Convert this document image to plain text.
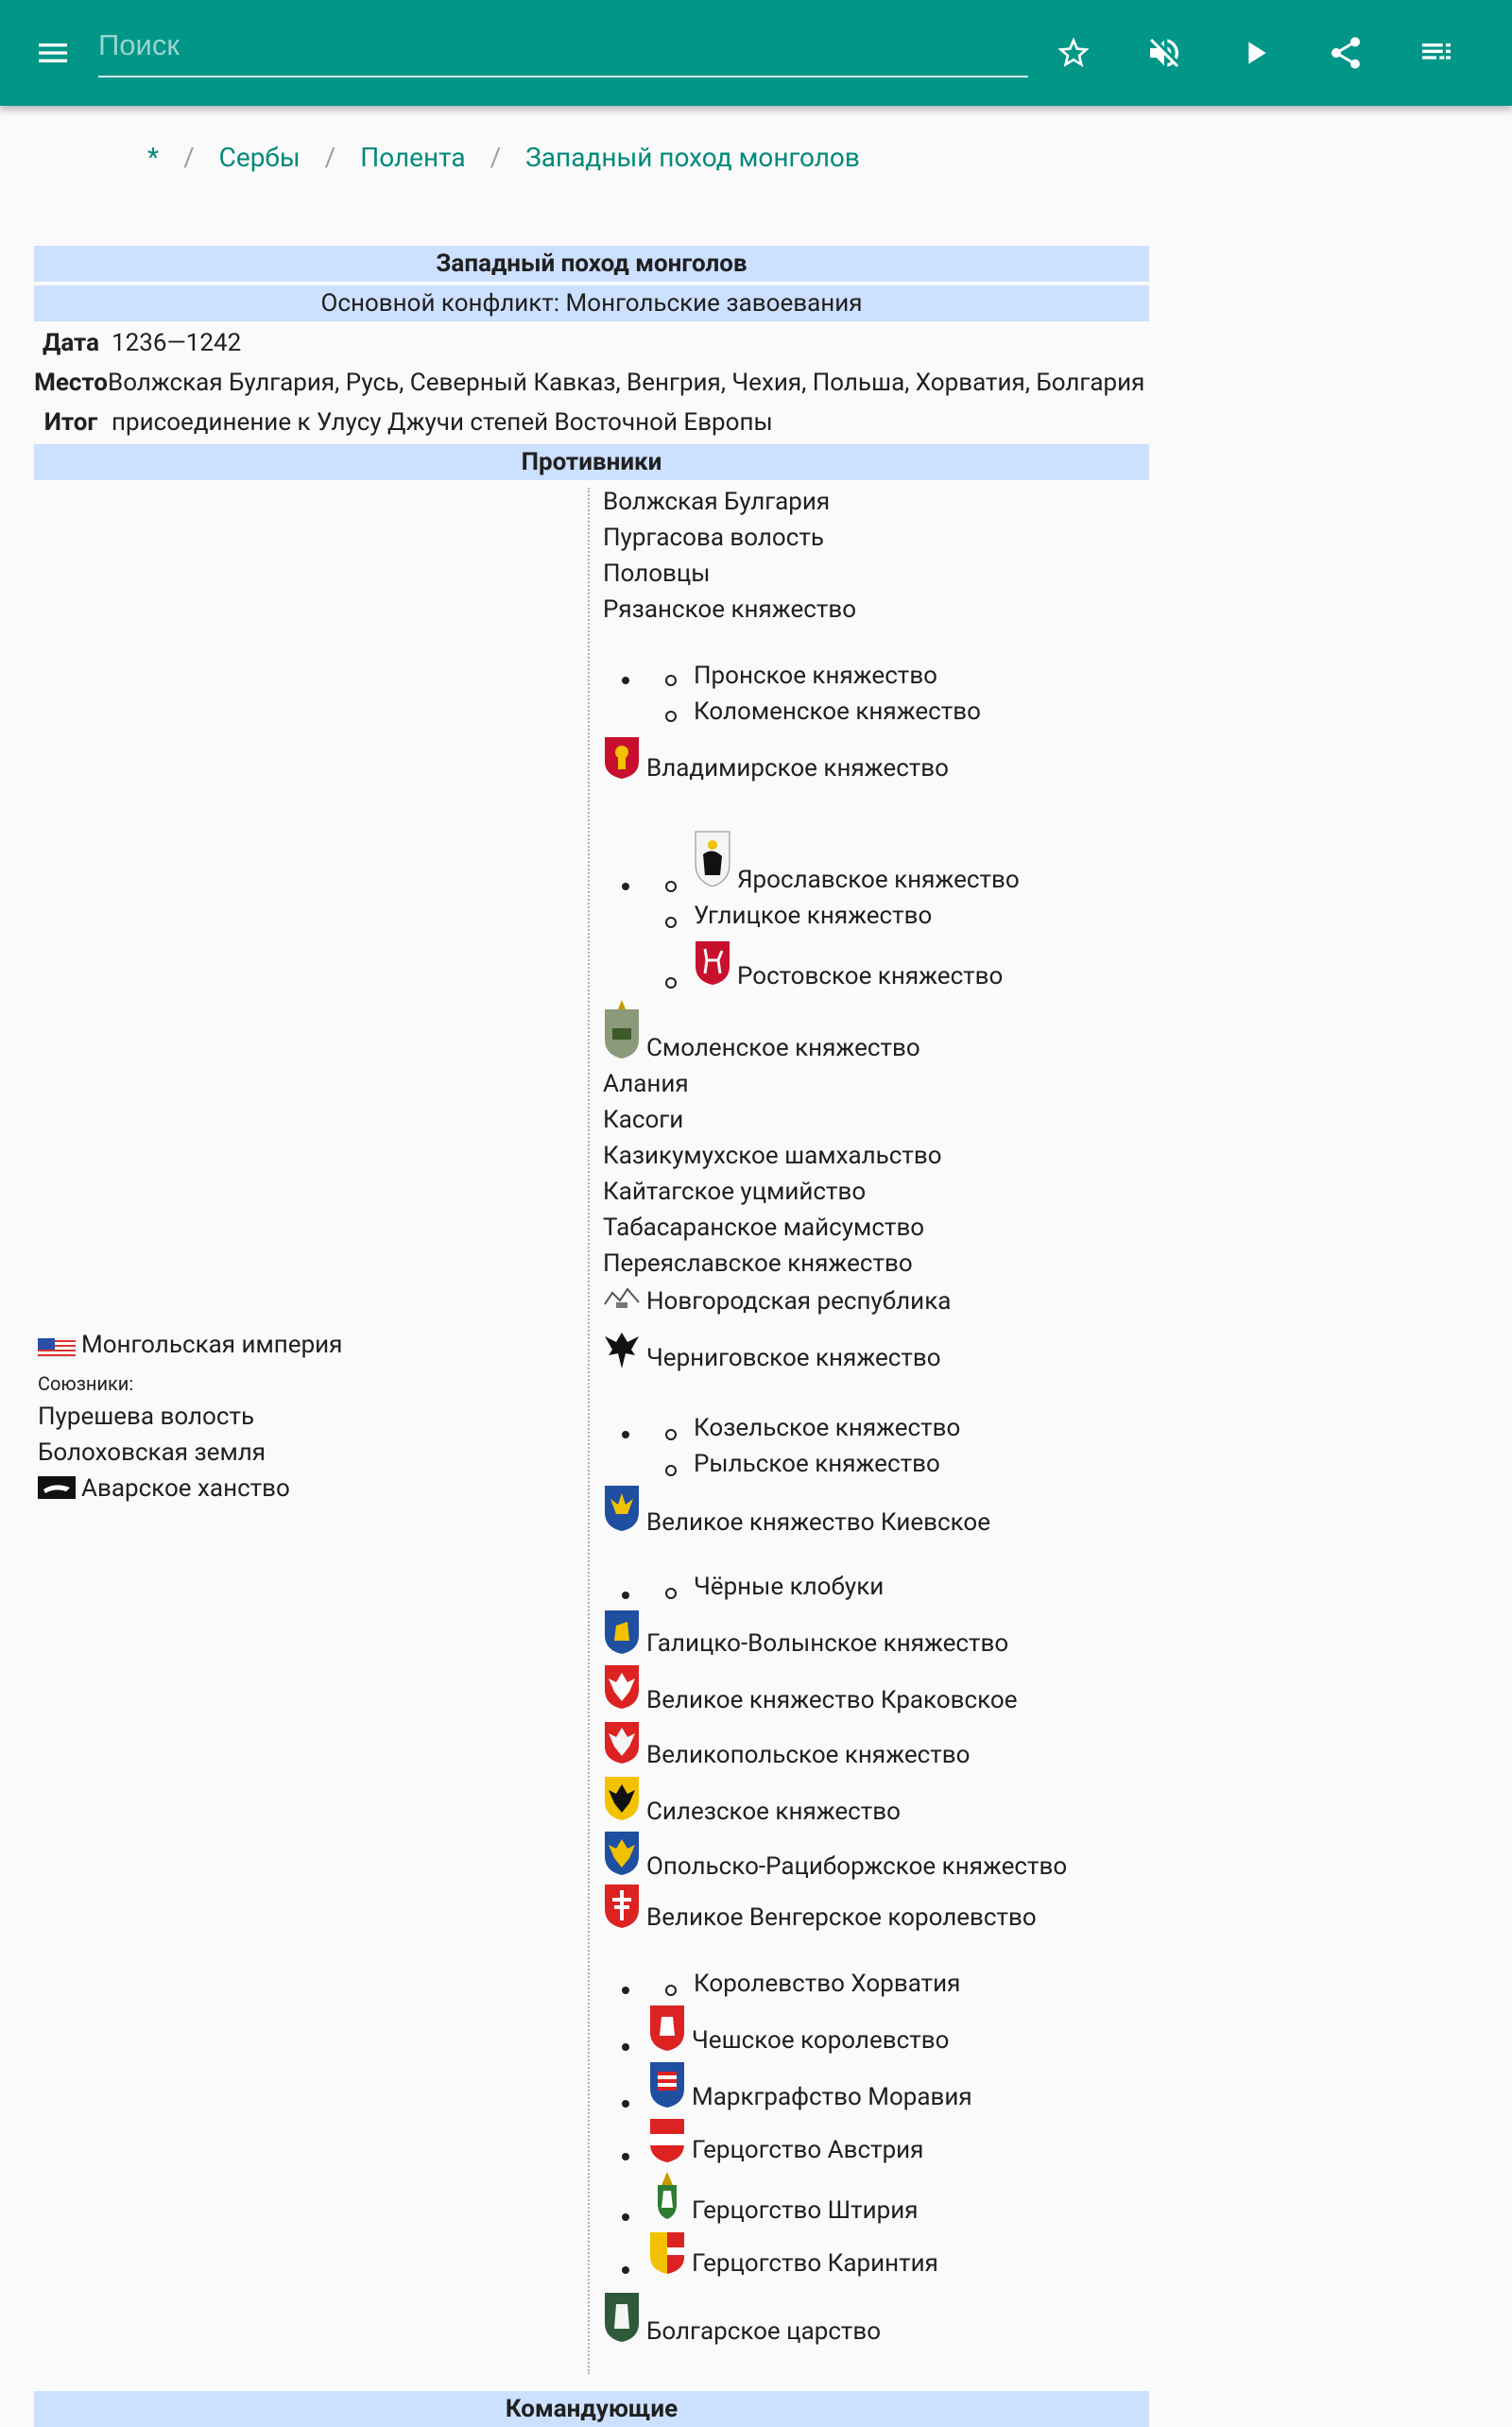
Поиск
* / Сербы / Полента / Западный поход монголов
Западный поход монголов
Основной конфликт: Монгольские завоевания
Дата 1236—1242
Место Волжская Булгария, Русь, Северный Кавказ, Венгрия, Чехия, Польша, Хорватия, Болгария
Итог присоединение к Улусу Джучи степей Восточной Европы
Противники
Монгольская империя
Союзники:
Пурешева волость
Болоховская земля
Аварское ханство
Волжская Булгария
Пургасова волость
Половцы
Рязанское княжество
Пронское княжество
Коломенское княжество
Владимирское княжество
Ярославское княжество
Углицкое княжество
Ростовское княжество
Смоленское княжество
Алания
Касоги
Казикумухское шамхальство
Кайтагское уцмийство
Табасаранское майсумство
Переяславское княжество
Новгородская республика
Черниговское княжество
Козельское княжество
Рыльское княжество
Великое княжество Киевское
Чёрные клобуки
Галицко-Волынское княжество
Великое княжество Краковское
Великопольское княжество
Силезское княжество
Опольско-Рациборжское княжество
Великое Венгерское королевство
Королевство Хорватия
Чешское королевство
Маркграфство Моравия
Герцогство Австрия
Герцогство Штирия
Герцогство Каринтия
Болгарское царство
Командующие
